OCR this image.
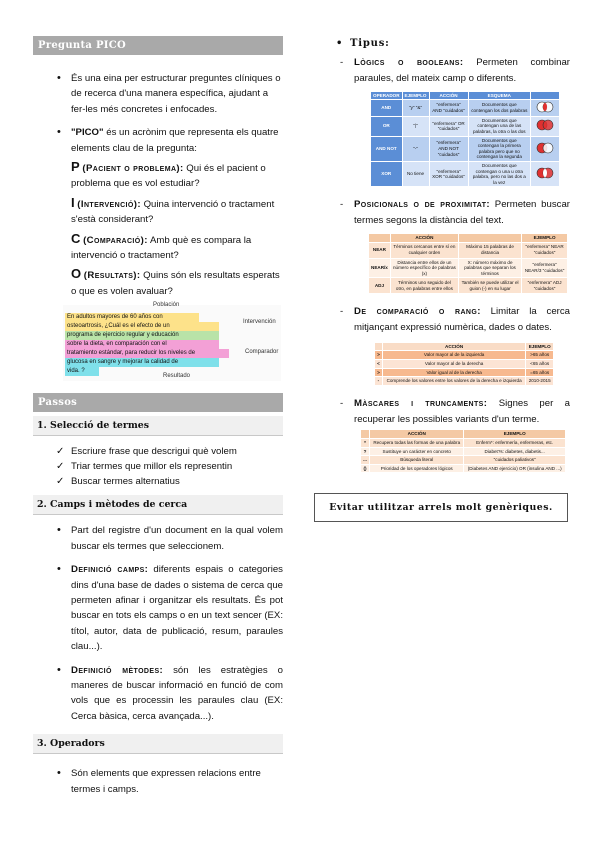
Pregunta PICO
• És una eina per estructurar preguntes clíniques o de recerca d'una manera específica, ajudant a fer-les més concretes i enfocades.
• "PICO" és un acrònim que representa els quatre elements clau de la pregunta:
P (Pacient o problema): Qui és el pacient o problema que es vol estudiar?
I (Intervenció): Quina intervenció o tractament s'està considerant?
C (Comparació): Amb què es compara la intervenció o tractament?
O (Resultats): Quins són els resultats esperats o que es volen avaluar?
Población
En adultos mayores de 60 años con
osteoartrosis, ¿Cuál es el efecto de un
programa de ejercicio regular y educación
sobre la dieta, en comparación con el
tratamiento estándar, para reducir los niveles de
glucosa en sangre y mejorar la calidad de
vida. ?
Intervención
Comparador
Resultado
Passos
1. Selecció de termes
✓ Escriure frase que descrigui què volem
✓ Triar termes que millor els representin
✓ Buscar termes alternatius
2. Camps i mètodes de cerca
• Part del registre d'un document en la qual volem buscar els termes que seleccionem.
• Definició camps: diferents espais o categories dins d'una base de dades o sistema de cerca que permeten afinar i organitzar els resultats. És pot buscar en tots els camps o en un text sencer (EX: títol, autor, data de publicació, resum, paraules clau...).
• Definició mètodes: són les estratègies o maneres de buscar informació en funció de com vols que es processin les paraules clau (EX: Cerca bàsica, cerca avançada...).
3. Operadors
• Són elements que expressen relacions entre termes i camps.
• Tipus:
- Lògics o booleans: Permeten combinar paraules, del mateix camp o diferents.
OPERADOR	EJEMPLO	ACCIÓN	ESQUEMA	
AND	"y" "&"	"enfermera" AND "cuidados"	Documentos que contengan los dos palabras	
OR	"|"	"enfermera" OR "cuidados"	Documentos que contengan una de las palabras, la otra o las dos	
AND NOT	"-"	"enfermera" AND NOT "cuidados"	Documentos que contengan la primera palabra pero que no contengan la segunda	
XOR	No tiene	"enfermera" XOR "cuidados"	Documentos que contengan o una u otra palabra, pero no las dos a la vez	
- Posicionals o de proximitat: Permeten buscar termes segons la distància del text.
	ACCIÓN		EJEMPLO
NEAR	Términos cercanos entre sí en cualquier orden	Máximo 15 palabras de distancia	"enfermera" NEAR "cuidados"
NEAR/x	Distancia entre ellos de un número específico de palabras (x)	X: número máximo de palabras que separan los términos	"enfermera" NEAR/3 "cuidados"
ADJ	Términos uno seguido del otro, en palabras entre ellos	También se puede utilizar el guion (-) en su lugar	"enfermera" ADJ "cuidados"
- De comparació o rang: Limitar la cerca mitjançant expressió numèrica, dades o dates.
	ACCIÓN	EJEMPLO
>	Valor mayor al de la izquierda	>65 años
<	Valor mayor al de la derecha	<65 años
>	Valor igual al de la derecha	=65 años
-	Comprende los valores entre los valores de la derecha e izquierda	2010-2015
- Màscares i truncaments: Signes per a recuperar les possibles variants d'un terme.
	ACCIÓN	EJEMPLO
*	Recupera todas las formas de una palabra	Enferm*: enfermería, enfermeras, etc.
?	Sustituye un carácter en concreto	Diabet?s: diabetes, diabetis...
...	Búsqueda literal	"cuidados paliativos"
()	Prioridad de los operadores lógicos	(Diabetes AND ejercicio) OR (insulina AND ...)
Evitar utilitzar arrels molt genèriques.
